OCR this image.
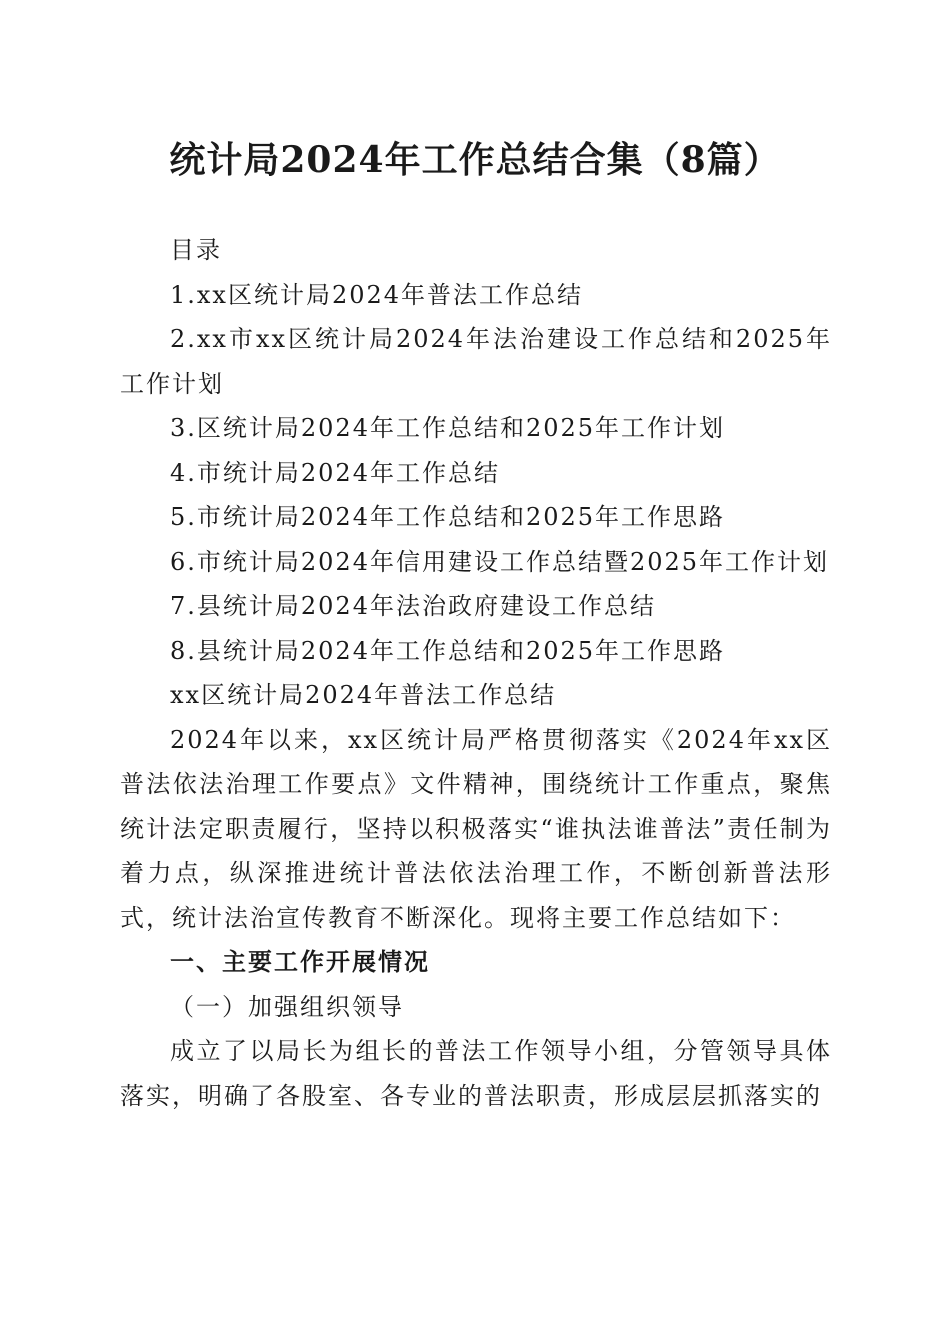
统计局2024年工作总结合集（8篇）

目录

1.xx区统计局2024年普法工作总结

2.xx市xx区统计局2024年法治建设工作总结和2025年工作计划

3.区统计局2024年工作总结和2025年工作计划

4.市统计局2024年工作总结

5.市统计局2024年工作总结和2025年工作思路

6.市统计局2024年信用建设工作总结暨2025年工作计划

7.县统计局2024年法治政府建设工作总结

8.县统计局2024年工作总结和2025年工作思路

xx区统计局2024年普法工作总结

2024年以来，xx区统计局严格贯彻落实《2024年xx区普法依法治理工作要点》文件精神，围绕统计工作重点，聚焦统计法定职责履行，坚持以积极落实“谁执法谁普法”责任制为着力点，纵深推进统计普法依法治理工作，不断创新普法形式，统计法治宣传教育不断深化。现将主要工作总结如下：

一、主要工作开展情况

（一）加强组织领导

成立了以局长为组长的普法工作领导小组，分管领导具体落实，明确了各股室、各专业的普法职责，形成层层抓落实的
